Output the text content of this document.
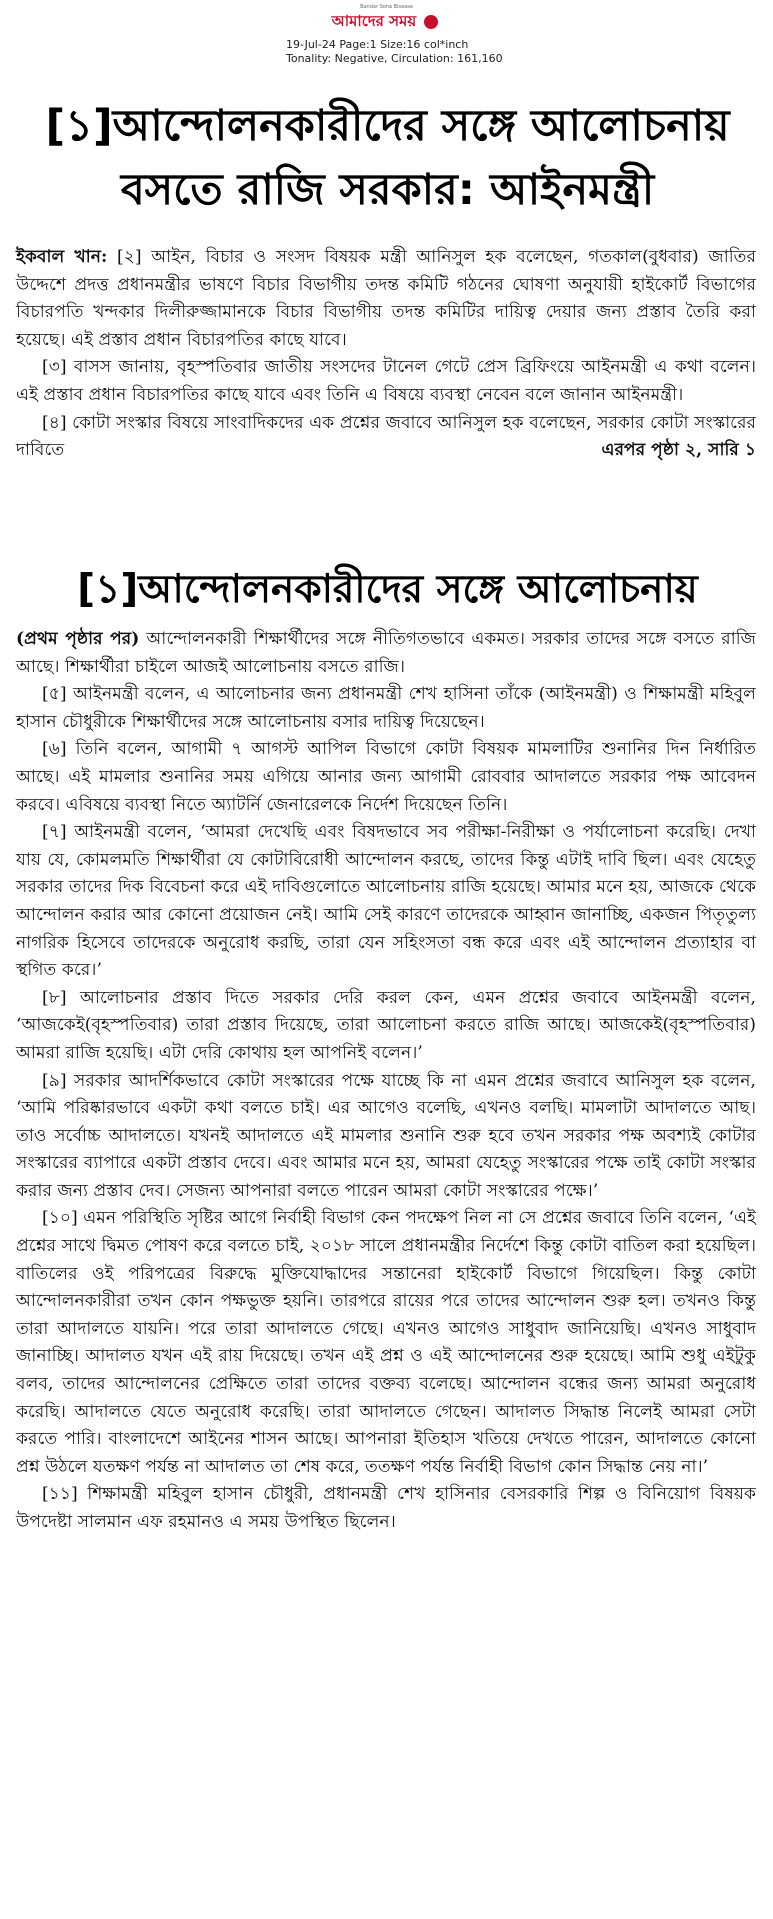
Bandar Sona Bisease
আমাদের সময়
19-Jul-24 Page:1 Size:16 col*inch
Tonality: Negative, Circulation: 161,160
[১]আন্দোলনকারীদের সঙ্গে আলোচনায়
বসতে রাজি সরকার: আইনমন্ত্রী

ইকবাল খান: [২] আইন, বিচার ও সংসদ বিষয়ক মন্ত্রী আনিসুল হক বলেছেন, গতকাল(বুধবার) জাতির উদ্দেশে প্রদত্ত প্রধানমন্ত্রীর ভাষণে বিচার বিভাগীয় তদন্ত কমিটি গঠনের ঘোষণা অনুযায়ী হাইকোর্ট বিভাগের বিচারপতি খন্দকার দিলীরুজ্জামানকে বিচার বিভাগীয় তদন্ত কমিটির দায়িত্ব দেয়ার জন্য প্রস্তাব তৈরি করা হয়েছে। এই প্রস্তাব প্রধান বিচারপতির কাছে যাবে।

[৩] বাসস জানায়, বৃহস্পতিবার জাতীয় সংসদের টানেল গেটে প্রেস ব্রিফিংয়ে আইনমন্ত্রী এ কথা বলেন। এই প্রস্তাব প্রধান বিচারপতির কাছে যাবে এবং তিনি এ বিষয়ে ব্যবস্থা নেবেন বলে জানান আইনমন্ত্রী।

[৪] কোটা সংস্কার বিষয়ে সাংবাদিকদের এক প্রশ্নের জবাবে আনিসুল হক বলেছেন, সরকার কোটা সংস্কারের দাবিতে	এরপর পৃষ্ঠা ২, সারি ১

[১]আন্দোলনকারীদের সঙ্গে আলোচনায়

(প্রথম পৃষ্ঠার পর) আন্দোলনকারী শিক্ষার্থীদের সঙ্গে নীতিগতভাবে একমত। সরকার তাদের সঙ্গে বসতে রাজি আছে। শিক্ষার্থীরা চাইলে আজই আলোচনায় বসতে রাজি।

[৫] আইনমন্ত্রী বলেন, এ আলোচনার জন্য প্রধানমন্ত্রী শেখ হাসিনা তাঁকে (আইনমন্ত্রী) ও শিক্ষামন্ত্রী মহিবুল হাসান চৌধুরীকে শিক্ষার্থীদের সঙ্গে আলোচনায় বসার দায়িত্ব দিয়েছেন।

[৬] তিনি বলেন, আগামী ৭ আগস্ট আপিল বিভাগে কোটা বিষয়ক মামলাটির শুনানির দিন নির্ধারিত আছে। এই মামলার শুনানির সময় এগিয়ে আনার জন্য আগামী রোববার আদালতে সরকার পক্ষ আবেদন করবে। এবিষয়ে ব্যবস্থা নিতে অ্যাটর্নি জেনারেলকে নির্দেশ দিয়েছেন তিনি।

[৭] আইনমন্ত্রী বলেন, ‘আমরা দেখেছি এবং বিষদভাবে সব পরীক্ষা-নিরীক্ষা ও পর্যালোচনা করেছি। দেখা যায় যে, কোমলমতি শিক্ষার্থীরা যে কোটাবিরোধী আন্দোলন করছে, তাদের কিন্তু এটাই দাবি ছিল। এবং যেহেতু সরকার তাদের দিক বিবেচনা করে এই দাবিগুলোতে আলোচনায় রাজি হয়েছে। আমার মনে হয়, আজকে থেকে আন্দোলন করার আর কোনো প্রয়োজন নেই। আমি সেই কারণে তাদেরকে আহ্বান জানাচ্ছি, একজন পিতৃতুল্য নাগরিক হিসেবে তাদেরকে অনুরোধ করছি, তারা যেন সহিংসতা বন্ধ করে এবং এই আন্দোলন প্রত্যাহার বা স্থগিত করে।’

[৮] আলোচনার প্রস্তাব দিতে সরকার দেরি করল কেন, এমন প্রশ্নের জবাবে আইনমন্ত্রী বলেন, ‘আজকেই(বৃহস্পতিবার) তারা প্রস্তাব দিয়েছে, তারা আলোচনা করতে রাজি আছে। আজকেই(বৃহস্পতিবার) আমরা রাজি হয়েছি। এটা দেরি কোথায় হল আপনিই বলেন।’

[৯] সরকার আদর্শিকভাবে কোটা সংস্কারের পক্ষে যাচ্ছে কি না এমন প্রশ্নের জবাবে আনিসুল হক বলেন, ‘আমি পরিষ্কারভাবে একটা কথা বলতে চাই। এর আগেও বলেছি, এখনও বলছি। মামলাটা আদালতে আছ। তাও সর্বোচ্চ আদালতে। যখনই আদালতে এই মামলার শুনানি শুরু হবে তখন সরকার পক্ষ অবশ্যই কোটার সংস্কারের ব্যাপারে একটা প্রস্তাব দেবে। এবং আমার মনে হয়, আমরা যেহেতু সংস্কারের পক্ষে তাই কোটা সংস্কার করার জন্য প্রস্তাব দেব। সেজন্য আপনারা বলতে পারেন আমরা কোটা সংস্কারের পক্ষে।’

[১০] এমন পরিস্থিতি সৃষ্টির আগে নির্বাহী বিভাগ কেন পদক্ষেপ নিল না সে প্রশ্নের জবাবে তিনি বলেন, ‘এই প্রশ্নের সাথে দ্বিমত পোষণ করে বলতে চাই, ২০১৮ সালে প্রধানমন্ত্রীর নির্দেশে কিন্তু কোটা বাতিল করা হয়েছিল। বাতিলের ওই পরিপত্রের বিরুদ্ধে মুক্তিযোদ্ধাদের সন্তানেরা হাইকোর্ট বিভাগে গিয়েছিল। কিন্তু কোটা আন্দোলনকারীরা তখন কোন পক্ষভুক্ত হয়নি। তারপরে রায়ের পরে তাদের আন্দোলন শুরু হল। তখনও কিন্তু তারা আদালতে যায়নি। পরে তারা আদালতে গেছে। এখনও আগেও সাধুবাদ জানিয়েছি। এখনও সাধুবাদ জানাচ্ছি। আদালত যখন এই রায় দিয়েছে। তখন এই প্রশ্ন ও এই আন্দোলনের শুরু হয়েছে। আমি শুধু এইটুকু বলব, তাদের আন্দোলনের প্রেক্ষিতে তারা তাদের বক্তব্য বলেছে। আন্দোলন বন্ধের জন্য আমরা অনুরোধ করেছি। আদালতে যেতে অনুরোধ করেছি। তারা আদালতে গেছেন। আদালত সিদ্ধান্ত নিলেই আমরা সেটা করতে পারি। বাংলাদেশে আইনের শাসন আছে। আপনারা ইতিহাস খতিয়ে দেখতে পারেন, আদালতে কোনো প্রশ্ন উঠলে যতক্ষণ পর্যন্ত না আদালত তা শেষ করে, ততক্ষণ পর্যন্ত নির্বাহী বিভাগ কোন সিদ্ধান্ত নেয় না।’

[১১] শিক্ষামন্ত্রী মহিবুল হাসান চৌধুরী, প্রধানমন্ত্রী শেখ হাসিনার বেসরকারি শিল্প ও বিনিয়োগ বিষয়ক উপদেষ্টা সালমান এফ রহমানও এ সময় উপস্থিত ছিলেন।
